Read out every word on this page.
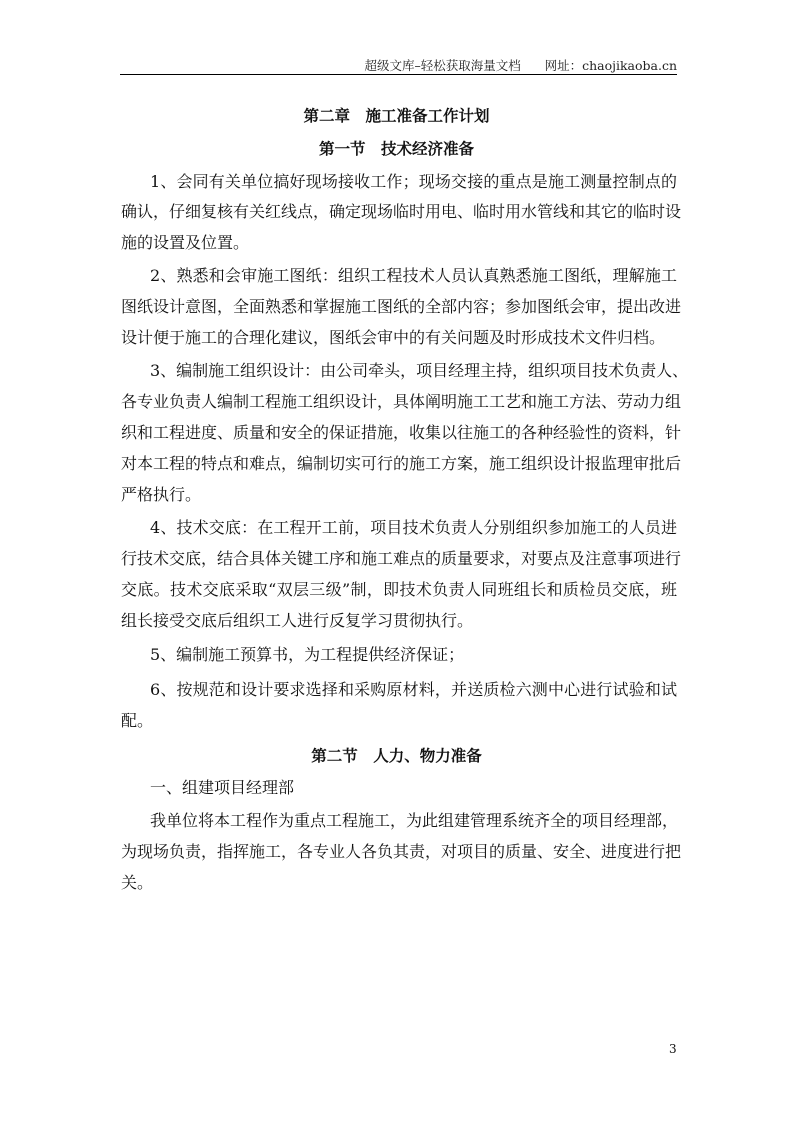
超级文库–轻松获取海量文档 网址：chaojikaoba.cn
第二章　施工准备工作计划
第一节　技术经济准备
1、会同有关单位搞好现场接收工作；现场交接的重点是施工测量控制点的
确认，仔细复核有关红线点，确定现场临时用电、临时用水管线和其它的临时设
施的设置及位置。
2、熟悉和会审施工图纸：组织工程技术人员认真熟悉施工图纸，理解施工
图纸设计意图，全面熟悉和掌握施工图纸的全部内容；参加图纸会审，提出改进
设计便于施工的合理化建议，图纸会审中的有关问题及时形成技术文件归档。
3、编制施工组织设计：由公司牵头，项目经理主持，组织项目技术负责人、
各专业负责人编制工程施工组织设计，具体阐明施工工艺和施工方法、劳动力组
织和工程进度、质量和安全的保证措施，收集以往施工的各种经验性的资料，针
对本工程的特点和难点，编制切实可行的施工方案，施工组织设计报监理审批后
严格执行。
4、技术交底：在工程开工前，项目技术负责人分别组织参加施工的人员进
行技术交底，结合具体关键工序和施工难点的质量要求，对要点及注意事项进行
交底。技术交底采取“双层三级”制，即技术负责人同班组长和质检员交底，班
组长接受交底后组织工人进行反复学习贯彻执行。
5、编制施工预算书，为工程提供经济保证；
6、按规范和设计要求选择和采购原材料，并送质检六测中心进行试验和试
配。
第二节　人力、物力准备
一、组建项目经理部
我单位将本工程作为重点工程施工，为此组建管理系统齐全的项目经理部，
为现场负责，指挥施工，各专业人各负其责，对项目的质量、安全、进度进行把
关。
3
